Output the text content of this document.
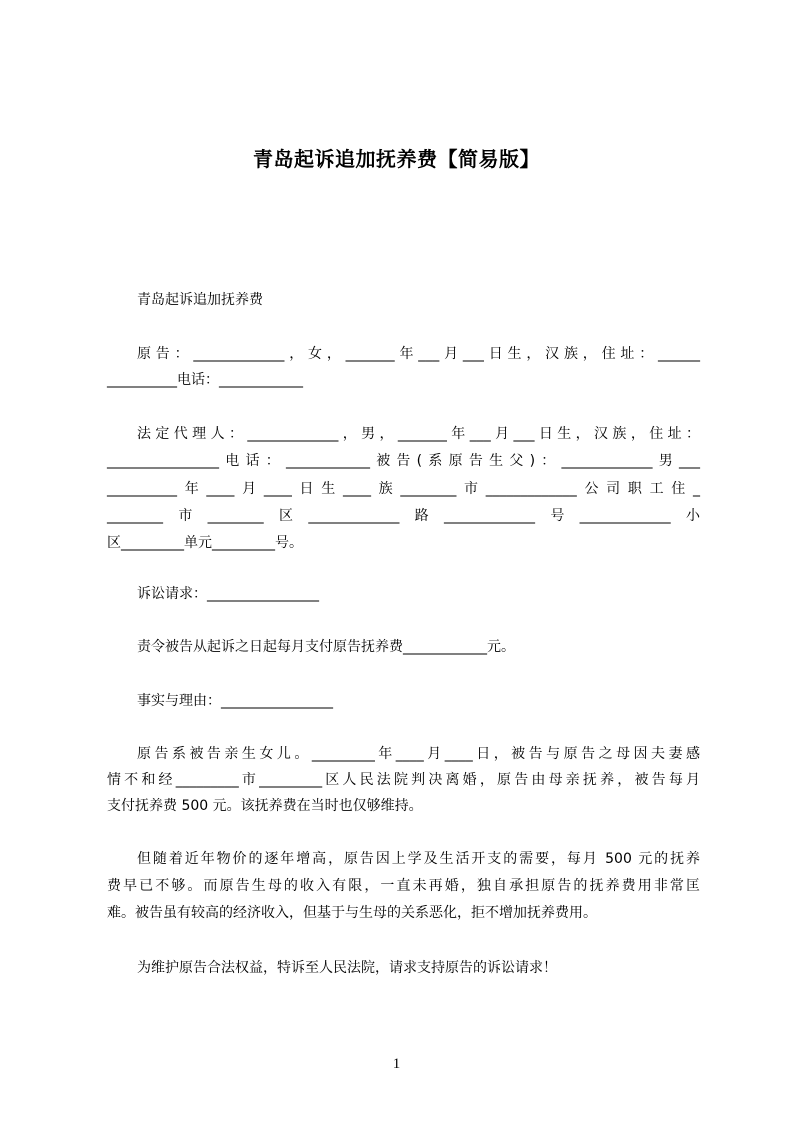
青岛起诉追加抚养费【简易版】
青岛起诉追加抚养费
原告：_____________，女，_______年___月___日生，汉族，住址：______
__________电话：____________
法定代理人：_____________，男，_______年___月___日生，汉族，住址：
________________电话：____________被告(系原告生父)：_____________男___
__________年____月____日生____族________市_____________公司职工住_
________市________区_____________路_____________号_____________小
区_________单元_________号。
诉讼请求：________________
责令被告从起诉之日起每月支付原告抚养费____________元。
事实与理由：________________
原告系被告亲生女儿。_________年____月____日，被告与原告之母因夫妻感
情不和经_________市_________区人民法院判决离婚，原告由母亲抚养，被告每月
支付抚养费 500 元。该抚养费在当时也仅够维持。
但随着近年物价的逐年增高，原告因上学及生活开支的需要，每月 500 元的抚养
费早已不够。而原告生母的收入有限，一直未再婚，独自承担原告的抚养费用非常匡
难。被告虽有较高的经济收入，但基于与生母的关系恶化，拒不增加抚养费用。
为维护原告合法权益，特诉至人民法院，请求支持原告的诉讼请求！
1
